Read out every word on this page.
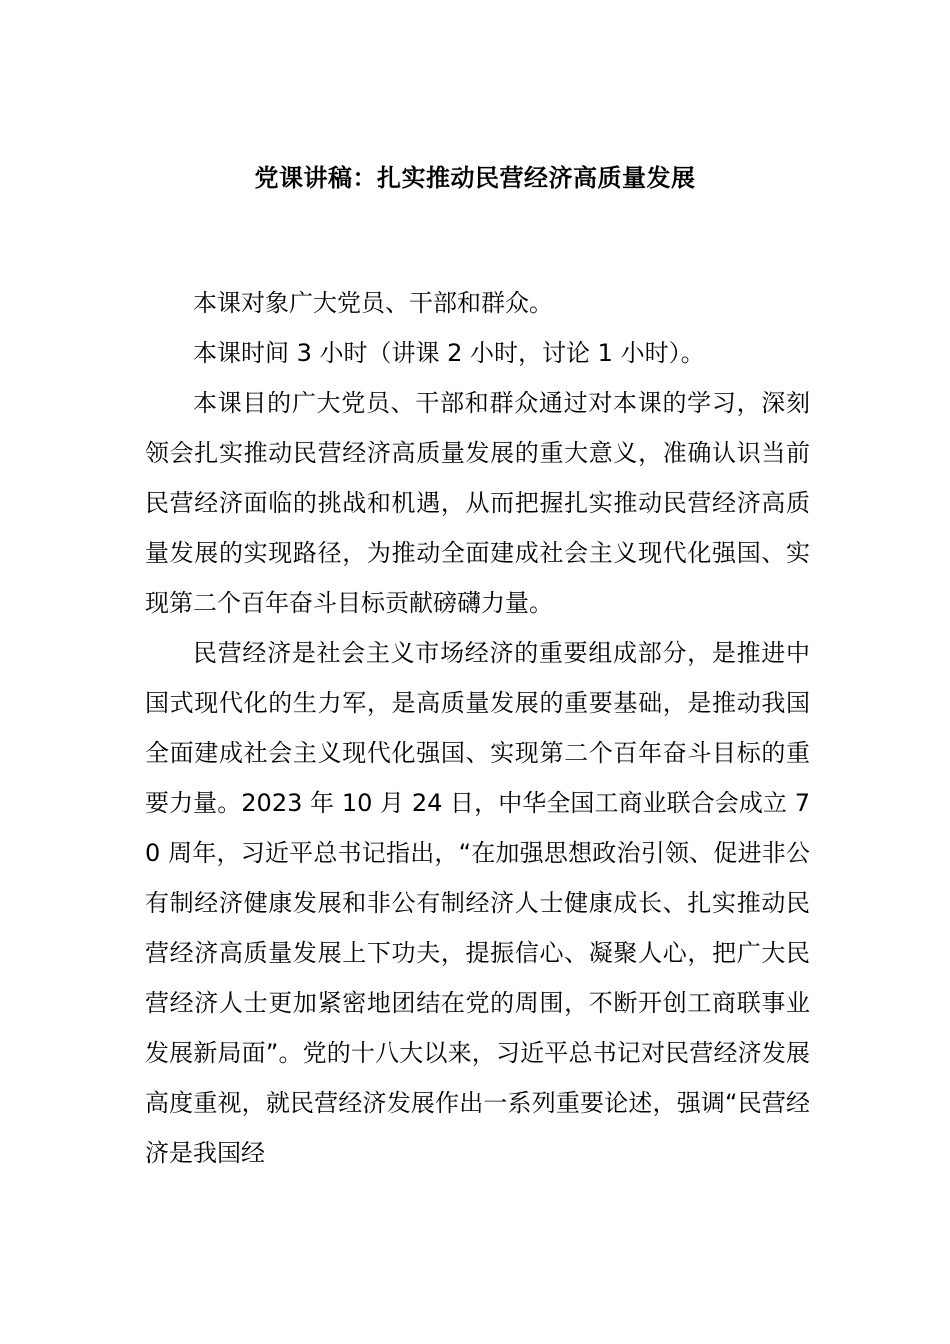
党课讲稿：扎实推动民营经济高质量发展

本课对象广大党员、干部和群众。

本课时间 3 小时（讲课 2 小时，讨论 1 小时）。

本课目的广大党员、干部和群众通过对本课的学习，深刻领会扎实推动民营经济高质量发展的重大意义，准确认识当前民营经济面临的挑战和机遇，从而把握扎实推动民营经济高质量发展的实现路径，为推动全面建成社会主义现代化强国、实现第二个百年奋斗目标贡献磅礴力量。

民营经济是社会主义市场经济的重要组成部分，是推进中国式现代化的生力军，是高质量发展的重要基础，是推动我国全面建成社会主义现代化强国、实现第二个百年奋斗目标的重要力量。2023 年 10 月 24 日，中华全国工商业联合会成立 70 周年，习近平总书记指出，“在加强思想政治引领、促进非公有制经济健康发展和非公有制经济人士健康成长、扎实推动民营经济高质量发展上下功夫，提振信心、凝聚人心，把广大民营经济人士更加紧密地团结在党的周围，不断开创工商联事业发展新局面”。党的十八大以来，习近平总书记对民营经济发展高度重视，就民营经济发展作出一系列重要论述，强调“民营经济是我国经
